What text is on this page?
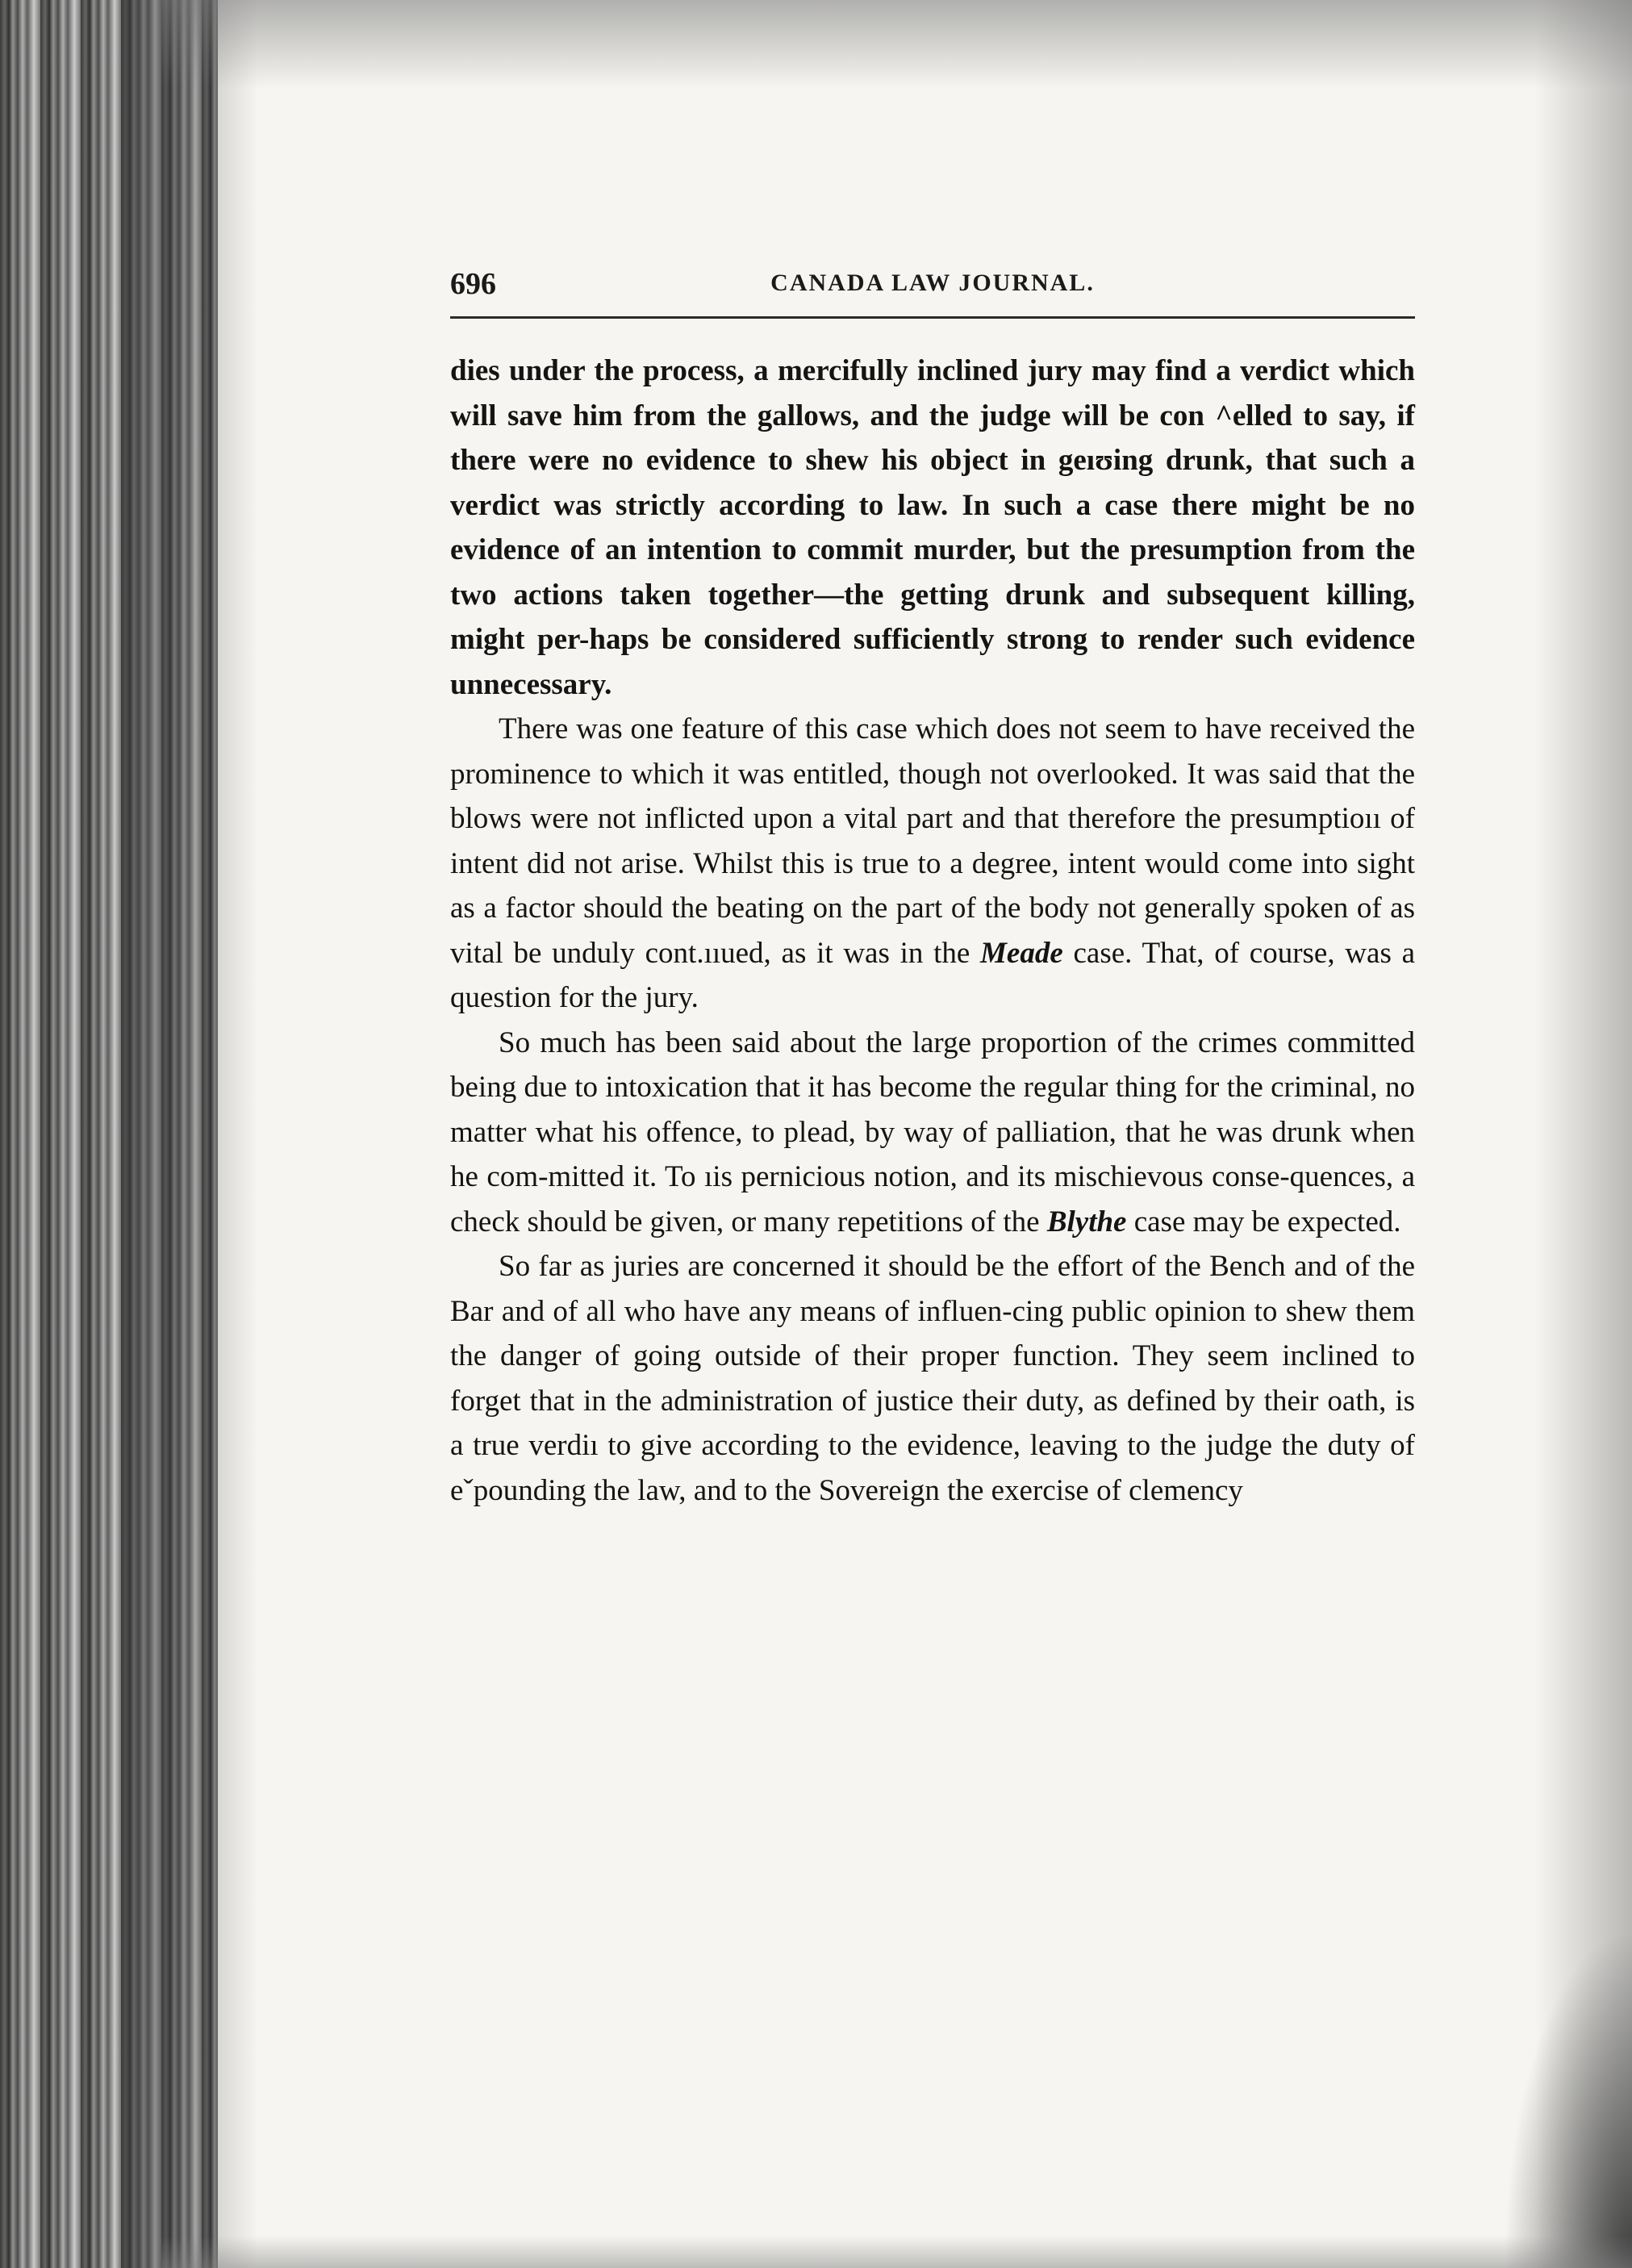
696	CANADA LAW JOURNAL.

dies under the process, a mercifully inclined jury may find a verdict which will save him from the gallows, and the judge will be con ^elled to say, if there were no evidence to shew his object in geıʊing drunk, that such a verdict was strictly according to law. In such a case there might be no evidence of an intention to commit murder, but the presumption from the two actions taken together—the getting drunk and subsequent killing, might per-haps be considered sufficiently strong to render such evidence unnecessary.

There was one feature of this case which does not seem to have received the prominence to which it was entitled, though not overlooked. It was said that the blows were not inflicted upon a vital part and that therefore the presumptioıı of intent did not arise. Whilst this is true to a degree, intent would come into sight as a factor should the beating on the part of the body not generally spoken of as vital be unduly cont.ııued, as it was in the Meade case. That, of course, was a question for the jury.

So much has been said about the large proportion of the crimes committed being due to intoxication that it has become the regular thing for the criminal, no matter what his offence, to plead, by way of palliation, that he was drunk when he com-mitted it. To ıis pernicious notion, and its mischievous conse-quences, a check should be given, or many repetitions of the Blythe case may be expected.

So far as juries are concerned it should be the effort of the Bench and of the Bar and of all who have any means of influen-cing public opinion to shew them the danger of going outside of their proper function. They seem inclined to forget that in the administration of justice their duty, as defined by their oath, is a true verdiı to give according to the evidence, leaving to the judge the duty of eˇpounding the law, and to the Sovereign the exercise of clemency
